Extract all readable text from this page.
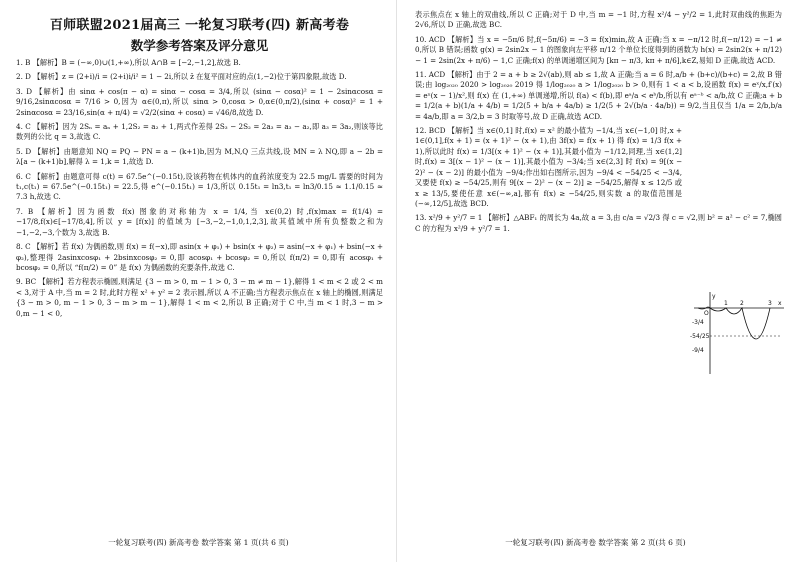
百师联盟2021届高三 一轮复习联考(四) 新高考卷
数学参考答案及评分意见
1. B 【解析】B = (−∞,0)∪(1,+∞),所以 A∩B = [−2,−1,2],故选 B.
2. D 【解析】z = (2+i)/i = (2+i)i/i² = 1 − 2i,所以 z̄ 在复平面对应的点(1,−2)位于第四象限,故选 D.
3. D 【解析】由 sinα + cos(π − α) = sinα − cosα = 3/4,所以 (sinα − cosα)² = 1 − 2sinαcosα = 9/16,2sinαcosα = 7/16 > 0,因为 α∈(0,π),所以 sinα > 0,cosα > 0,α∈(0,π/2),(sinα + cosα)² = 1 + 2sinαcosα = 23/16,sin(α + π/4) = √2/2(sinα + cosα) = √46/8,故选 D.
4. C 【解析】因为 2Sₙ = aₙ + 1,2S₂ = a₂ + 1,两式作差得 2S₃ − 2S₂ = 2a₃ = a₃ − a₂,即 a₃ = 3a₂,则该等比数列的公比 q = 3,故选 C.
5. D 【解析】由题意知 NQ = PQ − PN = a − (k+1)b,因为 M,N,Q 三点共线,设 MN = λ NQ,即 a − 2b = λ[a − (k+1)b],解得 λ = 1,k = 1,故选 D.
6. C 【解析】由题意可得 c(t) = 67.5e^(−0.15t),设该药物在机体内的血药浓度变为 22.5 mg/L 需要的时间为 t₁,c(t₁) = 67.5e^(−0.15t₁) = 22.5,得 e^(−0.15t₁) = 1/3,所以 0.15t₁ = ln3,t₁ = ln3/0.15 ≈ 1.1/0.15 ≈ 7.3 h,故选 C.
7. B 【解析】因为函数 f(x) 图象的对称轴为 x = 1/4,当 x∈(0,2) 时,f(x)max = f(1/4) = −17/8,f(x)∈[−17/8,4],所以 y = [f(x)] 的值域为 [−3,−2,−1,0,1,2,3],故其值域中所有负整数之和为 −1,−2,−3,个数为 3,故选 B.
8. C 【解析】若 f(x) 为偶函数,则 f(x) = f(−x),即 asin(x + φ₁) + bsin(x + φ₂) = asin(−x + φ₁) + bsin(−x + φ₂),整理得 2asinxcosφ₁ + 2bsinxcosφ₂ = 0,即 acosφ₁ + bcosφ₂ = 0,所以 f(π/2) = 0,即有 acosφ₁ + bcosφ₂ = 0,所以 “f(π/2) = 0” 是 f(x) 为偶函数的充要条件,故选 C.
9. BC 【解析】若方程表示椭圆,则满足 {3 − m > 0, m − 1 > 0, 3 − m ≠ m − 1},解得 1 < m < 2 或 2 < m < 3,对于 A 中,当 m = 2 时,此时方程 x² + y² = 2 表示圆,所以 A 不正确;当方程表示焦点在 x 轴上的椭圆,则满足 {3 − m > 0, m − 1 > 0, 3 − m > m − 1},解得 1 < m < 2,所以 B 正确;对于 C 中,当 m < 1 时,3 − m > 0,m − 1 < 0,
一轮复习联考(四) 新高考卷 数学答案 第 1 页(共 6 页)
表示焦点在 x 轴上的双曲线,所以 C 正确;对于 D 中,当 m = −1 时,方程 x²/4 − y²/2 = 1,此时双曲线的焦距为 2√6,所以 D 正确,故选 BC.
10. ACD 【解析】当 x = −5π/6 时,f(−5π/6) = −3 = f(x)min,故 A 正确;当 x = −π/12 时,f(−π/12) = −1 ≠ 0,所以 B 错误;函数 g(x) = 2sin2x − 1 的图象向左平移 π/12 个单位长度得到的函数为 h(x) = 2sin2(x + π/12) − 1 = 2sin(2x + π/6) − 1,C 正确;f(x) 的单调递增区间为 [kπ − π/3, kπ + π/6],k∈Z,易知 D 正确,故选 ACD.
11. ACD 【解析】由于 2 = a + b ≥ 2√(ab),则 ab ≤ 1,故 A 正确;当 a = 6 时,a/b + (b+c)/(b+c) = 2,故 B 错误;由 log₂₀₂₀ 2020 > log₂₀₂₀ 2019 得 1/log₂₀₂₀ a > 1/log₂₀₂₀ b > 0,则有 1 < a < b,设函数 f(x) = eˣ/x,f′(x) = eˣ(x − 1)/x²,则 f(x) 在 (1,+∞) 单调递增,所以 f(a) < f(b),即 eᵃ/a < eᵇ/b,所以有 eᵃ⁻ᵇ < a/b,故 C 正确;a + b = 1/2(a + b)(1/a + 4/b) = 1/2(5 + b/a + 4a/b) ≥ 1/2(5 + 2√(b/a · 4a/b)) = 9/2,当且仅当 1/a = 2/b,b/a = 4a/b,即 a = 3/2,b = 3 时取等号,故 D 正确,故选 ACD.
12. BCD 【解析】当 x∈(0,1] 时,f(x) = x² 的最小值为 −1/4,当 x∈(−1,0] 时,x + 1∈(0,1],f(x + 1) = (x + 1)² − (x + 1),由 3f(x) = f(x + 1) 得 f(x) = 1/3 f(x + 1),所以此时 f(x) = 1/3[(x + 1)² − (x + 1)],其最小值为 −1/12,同理,当 x∈(1,2] 时,f(x) = 3[(x − 1)² − (x − 1)],其最小值为 −3/4;当 x∈(2,3] 时 f(x) = 9[(x − 2)² − (x − 2)] 的最小值为 −9/4;作出如右图所示,因为 −9/4 < −54/25 < −3/4,又要使 f(x) ≥ −54/25,则有 9[(x − 2)² − (x − 2)] ≥ −54/25,解得 x ≤ 12/5 或 x ≥ 13/5,要使任意 x∈(−∞,a],都有 f(x) ≥ −54/25,则实数 a 的取值范围是 (−∞,12/5],故选 BCD.
13. x²/9 + y²/7 = 1 【解析】△ABF₁ 的周长为 4a,故 a = 3,由 c/a = √2/3 得 c = √2,则 b² = a² − c² = 7,椭圆 C 的方程为 x²/9 + y²/7 = 1.
y
x
O
1 2	3
-3/4
-54/25
-9/4
一轮复习联考(四) 新高考卷 数学答案 第 2 页(共 6 页)
